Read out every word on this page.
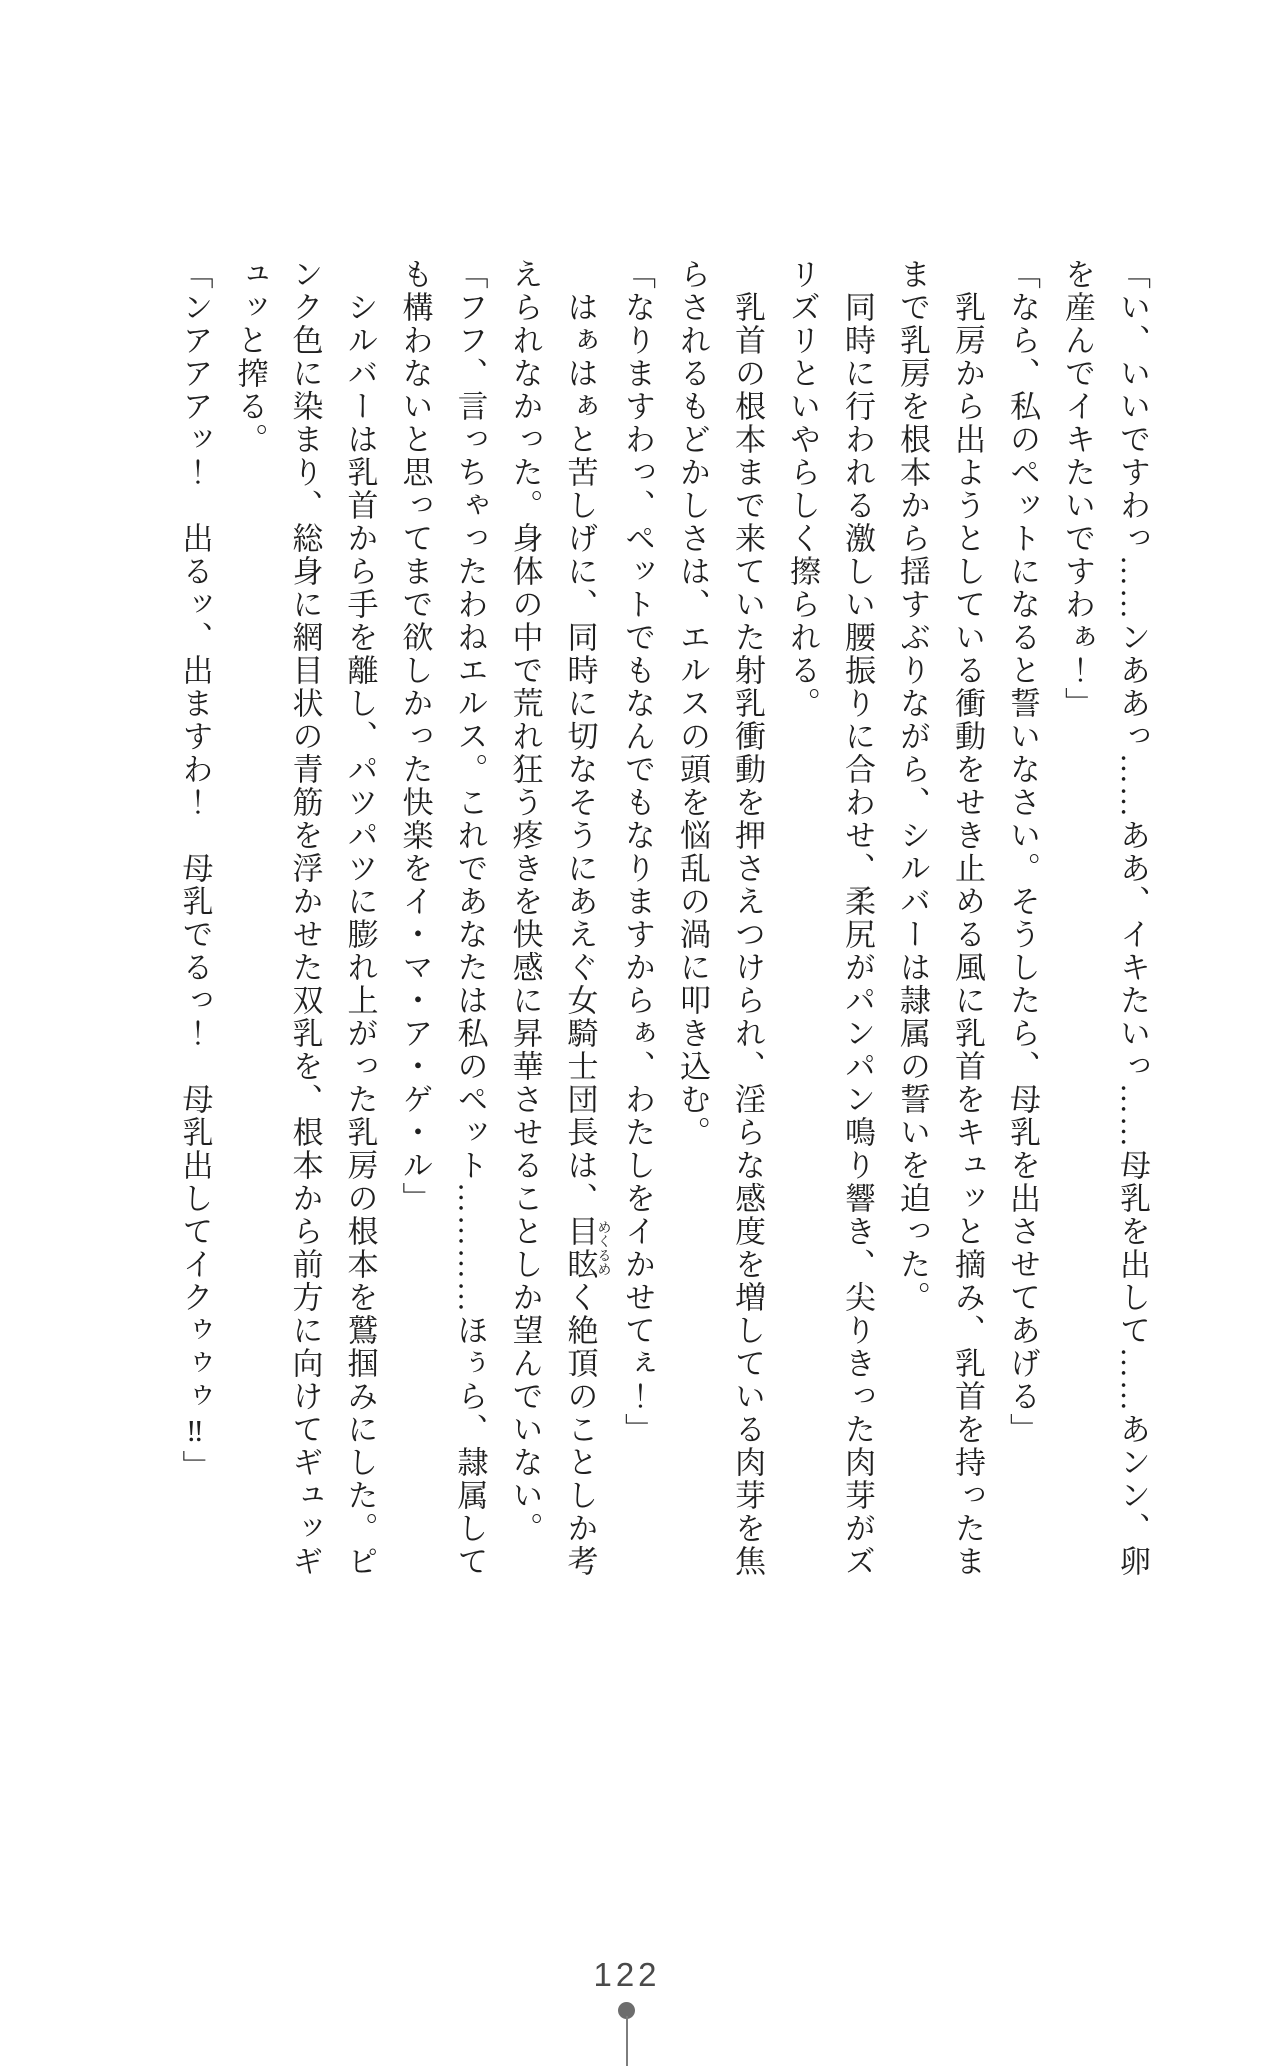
「い、いいですわっ……ンああっ……ああ、イキたいっ……母乳を出して……あンン、卵
を産んでイキたいですわぁ！」
「なら、私のペットになると誓いなさい。そうしたら、母乳を出させてあげる」
乳房から出ようとしている衝動をせき止める風に乳首をキュッと摘み、乳首を持ったま
まで乳房を根本から揺すぶりながら、シルバーは隷属の誓いを迫った。
同時に行われる激しい腰振りに合わせ、柔尻がパンパン鳴り響き、尖りきった肉芽がズ
リズリといやらしく擦られる。
乳首の根本まで来ていた射乳衝動を押さえつけられ、淫らな感度を増している肉芽を焦
らされるもどかしさは、エルスの頭を悩乱の渦に叩き込む。
「なりますわっ、ペットでもなんでもなりますからぁ、わたしをイかせてぇ！」
はぁはぁと苦しげに、同時に切なそうにあえぐ女騎士団長は、目眩めくるめく絶頂のことしか考
えられなかった。身体の中で荒れ狂う疼きを快感に昇華させることしか望んでいない。
「フフ、言っちゃったわねエルス。これであなたは私のペット…………ほぅら、隷属して
も構わないと思ってまで欲しかった快楽をイ・マ・ア・ゲ・ル」
シルバーは乳首から手を離し、パツパツに膨れ上がった乳房の根本を鷲掴みにした。ピ
ンク色に染まり、総身に網目状の青筋を浮かせた双乳を、根本から前方に向けてギュッギ
ュッと搾る。
「ンアアアッ！　出るッ、出ますわ！　母乳でるっ！　母乳出してイクゥゥゥ‼」
122
